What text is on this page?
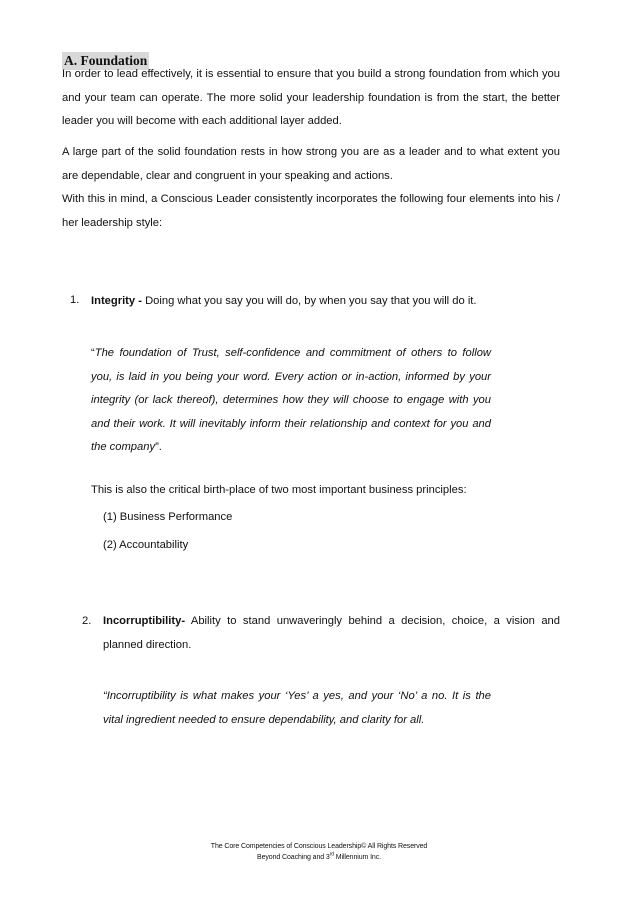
A. Foundation

In order to lead effectively, it is essential to ensure that you build a strong foundation from which you and your team can operate. The more solid your leadership foundation is from the start, the better leader you will become with each additional layer added.

A large part of the solid foundation rests in how strong you are as a leader and to what extent you are dependable, clear and congruent in your speaking and actions.

With this in mind, a Conscious Leader consistently incorporates the following four elements into his / her leadership style:

1. Integrity - Doing what you say you will do, by when you say that you will do it.

“The foundation of Trust, self-confidence and commitment of others to follow you, is laid in you being your word. Every action or in-action, informed by your integrity (or lack thereof), determines how they will choose to engage with you and their work. It will inevitably inform their relationship and context for you and the company”.

This is also the critical birth-place of two most important business principles:
(1) Business Performance
(2) Accountability
2. Incorruptibility- Ability to stand unwaveringly behind a decision, choice, a vision and planned direction.

“Incorruptibility is what makes your ‘Yes’ a yes, and your ‘No’ a no. It is the vital ingredient needed to ensure dependability, and clarity for all.

The Core Competencies of Conscious Leadership© All Rights Reserved
Beyond Coaching and 3rd Millennium Inc.
